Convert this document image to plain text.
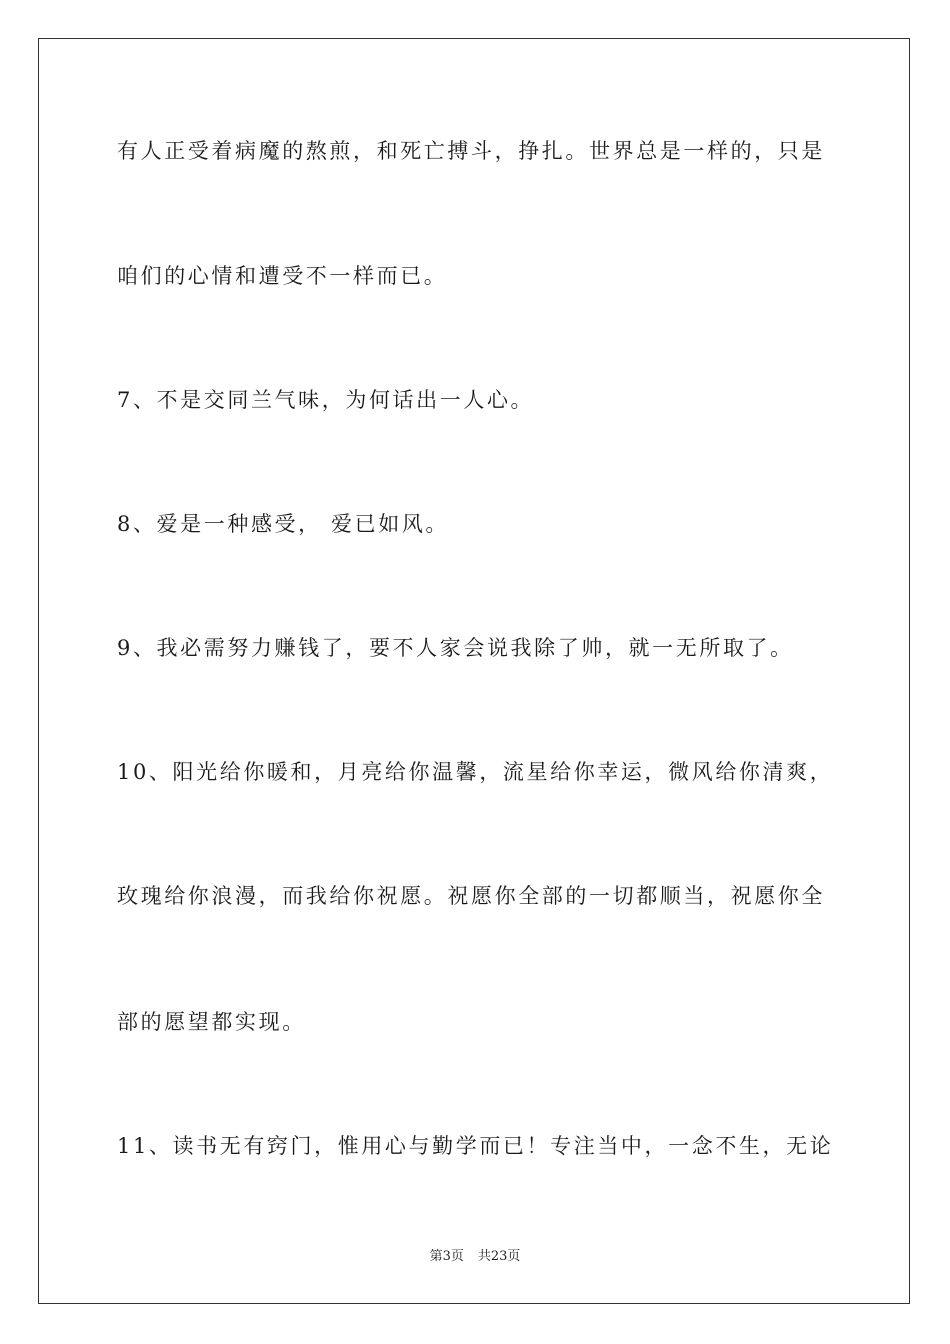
有人正受着病魔的熬煎，和死亡搏斗，挣扎。世界总是一样的，只是
咱们的心情和遭受不一样而已。
7、不是交同兰气味，为何话出一人心。
8、爱是一种感受， 爱已如风。
9、我必需努力赚钱了，要不人家会说我除了帅，就一无所取了。
10、阳光给你暖和，月亮给你温馨，流星给你幸运，微风给你清爽，
玫瑰给你浪漫，而我给你祝愿。祝愿你全部的一切都顺当，祝愿你全
部的愿望都实现。
11、读书无有窍门，惟用心与勤学而已！专注当中，一念不生，无论
第3页 共23页
